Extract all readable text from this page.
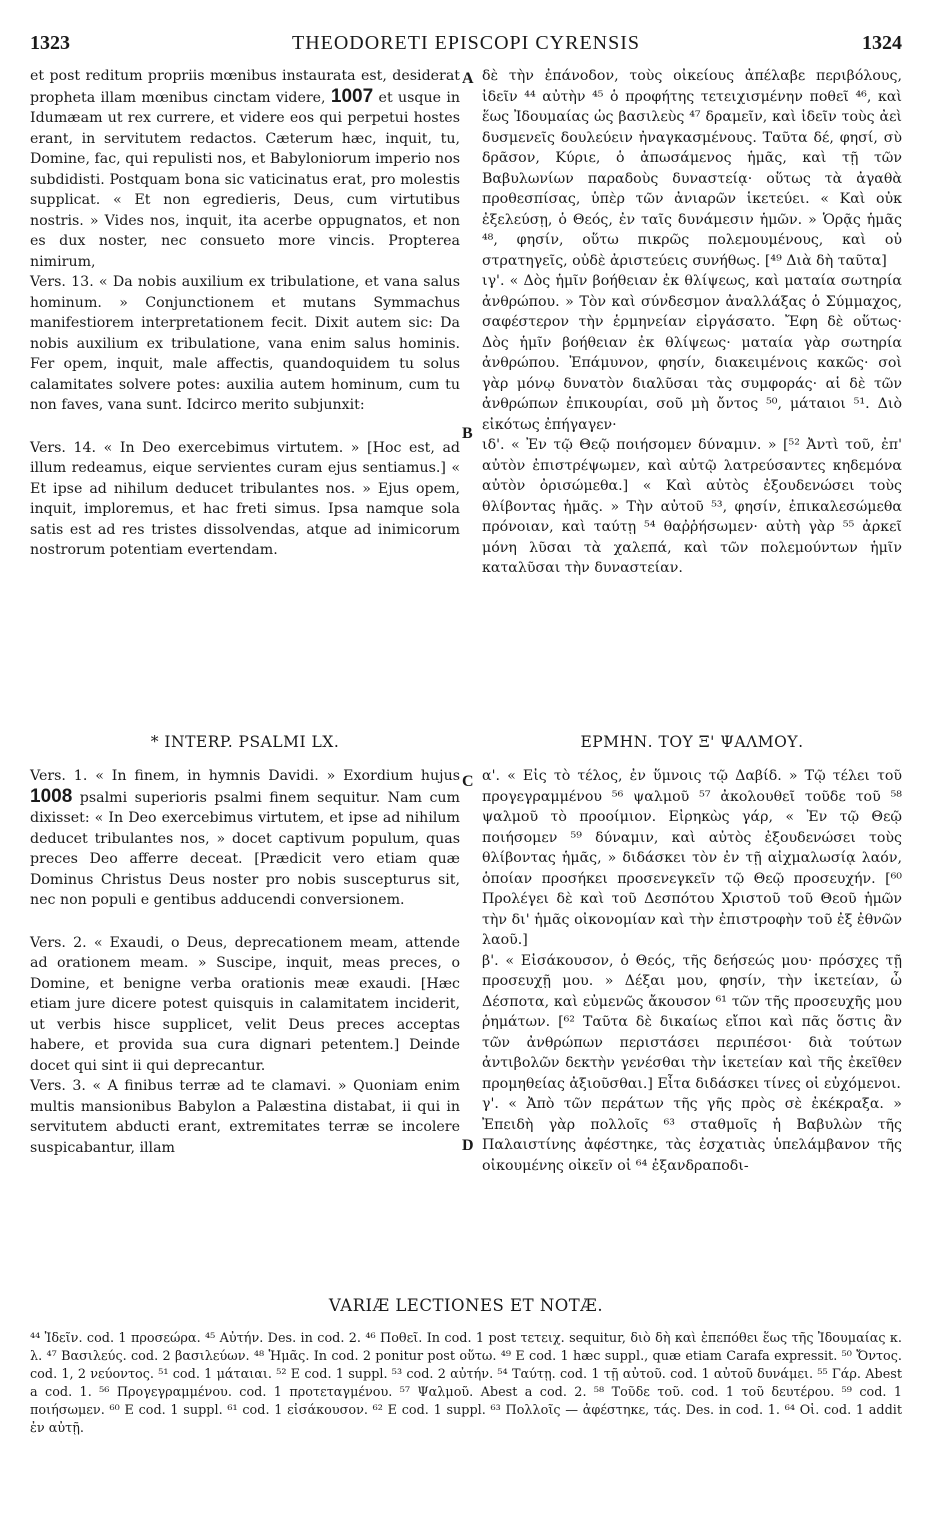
1323	THEODORETI EPISCOPI CYRENSIS	1324
A
B
C
D

et post reditum propriis mœnibus instaurata est, desiderat propheta illam mœnibus cinctam videre, 1007 et usque in Idumæam ut rex currere, et videre eos qui perpetui hostes erant, in servitutem redactos. Cæterum hæc, inquit, tu, Domine, fac, qui repulisti nos, et Babyloniorum imperio nos subdidisti. Postquam bona sic vaticinatus erat, pro molestis supplicat. « Et non egredieris, Deus, cum virtutibus nostris. » Vides nos, inquit, ita acerbe oppugnatos, et non es dux noster, nec consueto more vincis. Propterea nimirum,

Vers. 13. « Da nobis auxilium ex tribulatione, et vana salus hominum. » Conjunctionem et mutans Symmachus manifestiorem interpretationem fecit. Dixit autem sic: Da nobis auxilium ex tribulatione, vana enim salus hominis. Fer opem, inquit, male affectis, quandoquidem tu solus calamitates solvere potes: auxilia autem hominum, cum tu non faves, vana sunt. Idcirco merito subjunxit:

Vers. 14. « In Deo exercebimus virtutem. » [Hoc est, ad illum redeamus, eique servientes curam ejus sentiamus.] « Et ipse ad nihilum deducet tribulantes nos. » Ejus opem, inquit, imploremus, et hac freti simus. Ipsa namque sola satis est ad res tristes dissolvendas, atque ad inimicorum nostrorum potentiam evertendam.

δὲ τὴν ἐπάνοδον, τοὺς οἰκείους ἀπέλαβε περιβόλους, ἰδεῖν ⁴⁴ αὐτὴν ⁴⁵ ὁ προφήτης τετειχισμένην ποθεῖ ⁴⁶, καὶ ἕως Ἰδουμαίας ὡς βασιλεὺς ⁴⁷ δραμεῖν, καὶ ἰδεῖν τοὺς ἀεὶ δυσμενεῖς δουλεύειν ἠναγκασμένους. Ταῦτα δέ, φησί, σὺ δρᾶσον, Κύριε, ὁ ἀπωσάμενος ἡμᾶς, καὶ τῇ τῶν Βαβυλωνίων παραδοὺς δυναστείᾳ· οὕτως τὰ ἀγαθὰ προθεσπίσας, ὑπὲρ τῶν ἀνιαρῶν ἱκετεύει. « Καὶ οὐκ ἐξελεύσῃ, ὁ Θεός, ἐν ταῖς δυνάμεσιν ἡμῶν. » Ὁρᾷς ἡμᾶς ⁴⁸, φησίν, οὕτω πικρῶς πολεμουμένους, καὶ οὐ στρατηγεῖς, οὐδὲ ἀριστεύεις συνήθως. [⁴⁹ Διὰ δὴ ταῦτα]

ιγ'. « Δὸς ἡμῖν βοήθειαν ἐκ θλίψεως, καὶ ματαία σωτηρία ἀνθρώπου. » Τὸν καὶ σύνδεσμον ἀναλλάξας ὁ Σύμμαχος, σαφέστερον τὴν ἑρμηνείαν εἰργάσατο. Ἔφη δὲ οὕτως· Δὸς ἡμῖν βοήθειαν ἐκ θλίψεως· ματαία γὰρ σωτηρία ἀνθρώπου. Ἐπάμυνον, φησίν, διακειμένοις κακῶς· σοὶ γὰρ μόνῳ δυνατὸν διαλῦσαι τὰς συμφοράς· αἱ δὲ τῶν ἀνθρώπων ἐπικουρίαι, σοῦ μὴ ὄντος ⁵⁰, μάταιοι ⁵¹. Διὸ εἰκότως ἐπήγαγεν·

ιδ'. « Ἐν τῷ Θεῷ ποιήσομεν δύναμιν. » [⁵² Ἀντὶ τοῦ, ἐπ' αὐτὸν ἐπιστρέψωμεν, καὶ αὐτῷ λατρεύσαντες κηδεμόνα αὐτὸν ὀρισώμεθα.] « Καὶ αὐτὸς ἐξουδενώσει τοὺς θλίβοντας ἡμᾶς. » Τὴν αὐτοῦ ⁵³, φησίν, ἐπικαλεσώμεθα πρόνοιαν, καὶ ταύτῃ ⁵⁴ θαῤῥήσωμεν· αὐτὴ γὰρ ⁵⁵ ἀρκεῖ μόνη λῦσαι τὰ χαλεπά, καὶ τῶν πολεμούντων ἡμῖν καταλῦσαι τὴν δυναστείαν.

* INTERP. PSALMI LX.	ΕΡΜΗΝ. ΤΟΥ Ξ' ΨΑΛΜΟΥ.

Vers. 1. « In finem, in hymnis Davidi. » Exordium hujus 1008 psalmi superioris psalmi finem sequitur. Nam cum dixisset: « In Deo exercebimus virtutem, et ipse ad nihilum deducet tribulantes nos, » docet captivum populum, quas preces Deo afferre deceat. [Prædicit vero etiam quæ Dominus Christus Deus noster pro nobis suscepturus sit, nec non populi e gentibus adducendi conversionem.

Vers. 2. « Exaudi, o Deus, deprecationem meam, attende ad orationem meam. » Suscipe, inquit, meas preces, o Domine, et benigne verba orationis meæ exaudi. [Hæc etiam jure dicere potest quisquis in calamitatem inciderit, ut verbis hisce supplicet, velit Deus preces acceptas habere, et provida sua cura dignari petentem.] Deinde docet qui sint ii qui deprecantur.

Vers. 3. « A finibus terræ ad te clamavi. » Quoniam enim multis mansionibus Babylon a Palæstina distabat, ii qui in servitutem abducti erant, extremitates terræ se incolere suspicabantur, illam

α'. « Εἰς τὸ τέλος, ἐν ὕμνοις τῷ Δαβίδ. » Τῷ τέλει τοῦ προγεγραμμένου ⁵⁶ ψαλμοῦ ⁵⁷ ἀκολουθεῖ τοῦδε τοῦ ⁵⁸ ψαλμοῦ τὸ προοίμιον. Εἰρηκὼς γάρ, « Ἐν τῷ Θεῷ ποιήσομεν ⁵⁹ δύναμιν, καὶ αὐτὸς ἐξουδενώσει τοὺς θλίβοντας ἡμᾶς, » διδάσκει τὸν ἐν τῇ αἰχμαλωσίᾳ λαόν, ὁποίαν προσήκει προσενεγκεῖν τῷ Θεῷ προσευχήν. [⁶⁰ Προλέγει δὲ καὶ τοῦ Δεσπότου Χριστοῦ τοῦ Θεοῦ ἡμῶν τὴν δι' ἡμᾶς οἰκονομίαν καὶ τὴν ἐπιστροφὴν τοῦ ἐξ ἐθνῶν λαοῦ.]

β'. « Εἰσάκουσον, ὁ Θεός, τῆς δεήσεώς μου· πρόσχες τῇ προσευχῇ μου. » Δέξαι μου, φησίν, τὴν ἱκετείαν, ὦ Δέσποτα, καὶ εὐμενῶς ἄκουσον ⁶¹ τῶν τῆς προσευχῆς μου ῥημάτων. [⁶² Ταῦτα δὲ δικαίως εἴποι καὶ πᾶς ὅστις ἂν τῶν ἀνθρώπων περιστάσει περιπέσοι· διὰ τούτων ἀντιβολῶν δεκτὴν γενέσθαι τὴν ἱκετείαν καὶ τῆς ἐκεῖθεν προμηθείας ἀξιοῦσθαι.] Εἶτα διδάσκει τίνες οἱ εὐχόμενοι.

γ'. « Ἀπὸ τῶν περάτων τῆς γῆς πρὸς σὲ ἐκέκραξα. » Ἐπειδὴ γὰρ πολλοῖς ⁶³ σταθμοῖς ἡ Βαβυλὼν τῆς Παλαιστίνης ἀφέστηκε, τὰς ἐσχατιὰς ὑπελάμβανον τῆς οἰκουμένης οἰκεῖν οἱ ⁶⁴ ἐξανδραποδι-

VARIÆ LECTIONES ET NOTÆ.

⁴⁴ Ἰδεῖν. cod. 1 προσεώρα. ⁴⁵ Αὐτήν. Des. in cod. 2. ⁴⁶ Ποθεῖ. In cod. 1 post τετειχ. sequitur, διὸ δὴ καὶ ἐπεπόθει ἕως τῆς Ἰδουμαίας κ. λ. ⁴⁷ Βασιλεύς. cod. 2 βασιλεύων. ⁴⁸ Ἡμᾶς. In cod. 2 ponitur post οὕτω. ⁴⁹ E cod. 1 hæc suppl., quæ etiam Carafa expressit. ⁵⁰ Ὄντος. cod. 1, 2 νεύοντος. ⁵¹ cod. 1 μάταιαι. ⁵² E cod. 1 suppl. ⁵³ cod. 2 αὐτήν. ⁵⁴ Ταύτῃ. cod. 1 τῇ αὐτοῦ. cod. 1 αὐτοῦ δυνάμει. ⁵⁵ Γάρ. Abest a cod. 1. ⁵⁶ Προγεγραμμένου. cod. 1 προτεταγμένου. ⁵⁷ Ψαλμοῦ. Abest a cod. 2. ⁵⁸ Τοῦδε τοῦ. cod. 1 τοῦ δευτέρου. ⁵⁹ cod. 1 ποιήσωμεν. ⁶⁰ E cod. 1 suppl. ⁶¹ cod. 1 εἰσάκουσον. ⁶² E cod. 1 suppl. ⁶³ Πολλοῖς — ἀφέστηκε, τάς. Des. in cod. 1. ⁶⁴ Οἱ. cod. 1 addit ἐν αὐτῇ.
